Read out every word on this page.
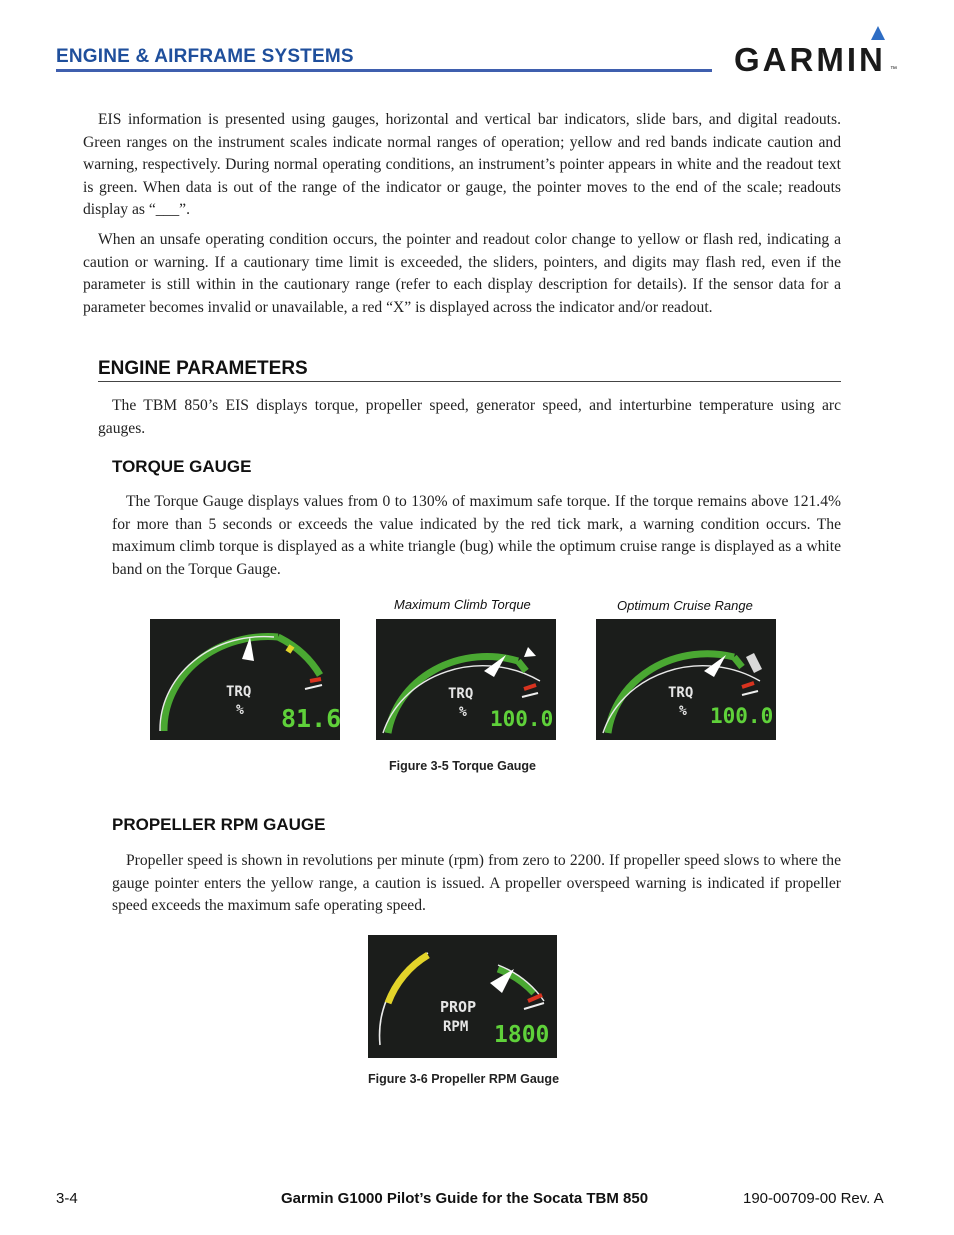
ENGINE & AIRFRAME SYSTEMS	GARMIN ™

EIS information is presented using gauges, horizontal and vertical bar indicators, slide bars, and digital readouts. Green ranges on the instrument scales indicate normal ranges of operation; yellow and red bands indicate caution and warning, respectively. During normal operating conditions, an instrument’s pointer appears in white and the readout text is green. When data is out of the range of the indicator or gauge, the pointer moves to the end of the scale; readouts display as “___”.

When an unsafe operating condition occurs, the pointer and readout color change to yellow or flash red, indicating a caution or warning. If a cautionary time limit is exceeded, the sliders, pointers, and digits may flash red, even if the parameter is still within in the cautionary range (refer to each display description for details). If the sensor data for a parameter becomes invalid or unavailable, a red “X” is displayed across the indicator and/or readout.

ENGINE PARAMETERS

The TBM 850’s EIS displays torque, propeller speed, generator speed, and interturbine temperature using arc gauges.

TORQUE GAUGE

The Torque Gauge displays values from 0 to 130% of maximum safe torque. If the torque remains above 121.4% for more than 5 seconds or exceeds the value indicated by the red tick mark, a warning condition occurs. The maximum climb torque is displayed as a white triangle (bug) while the optimum cruise range is displayed as a white band on the Torque Gauge.

Maximum Climb Torque	Optimum Cruise Range
TRQ
% 81.6
TRQ
% 100.0
TRQ
% 100.0
Figure 3-5 Torque Gauge
PROPELLER RPM GAUGE

Propeller speed is shown in revolutions per minute (rpm) from zero to 2200. If propeller speed slows to where the gauge pointer enters the yellow range, a caution is issued. A propeller overspeed warning is indicated if propeller speed exceeds the maximum safe operating speed.

PROP
RPM 1800
Figure 3-6 Propeller RPM Gauge
3-4	Garmin G1000 Pilot’s Guide for the Socata TBM 850	190-00709-00 Rev. A
